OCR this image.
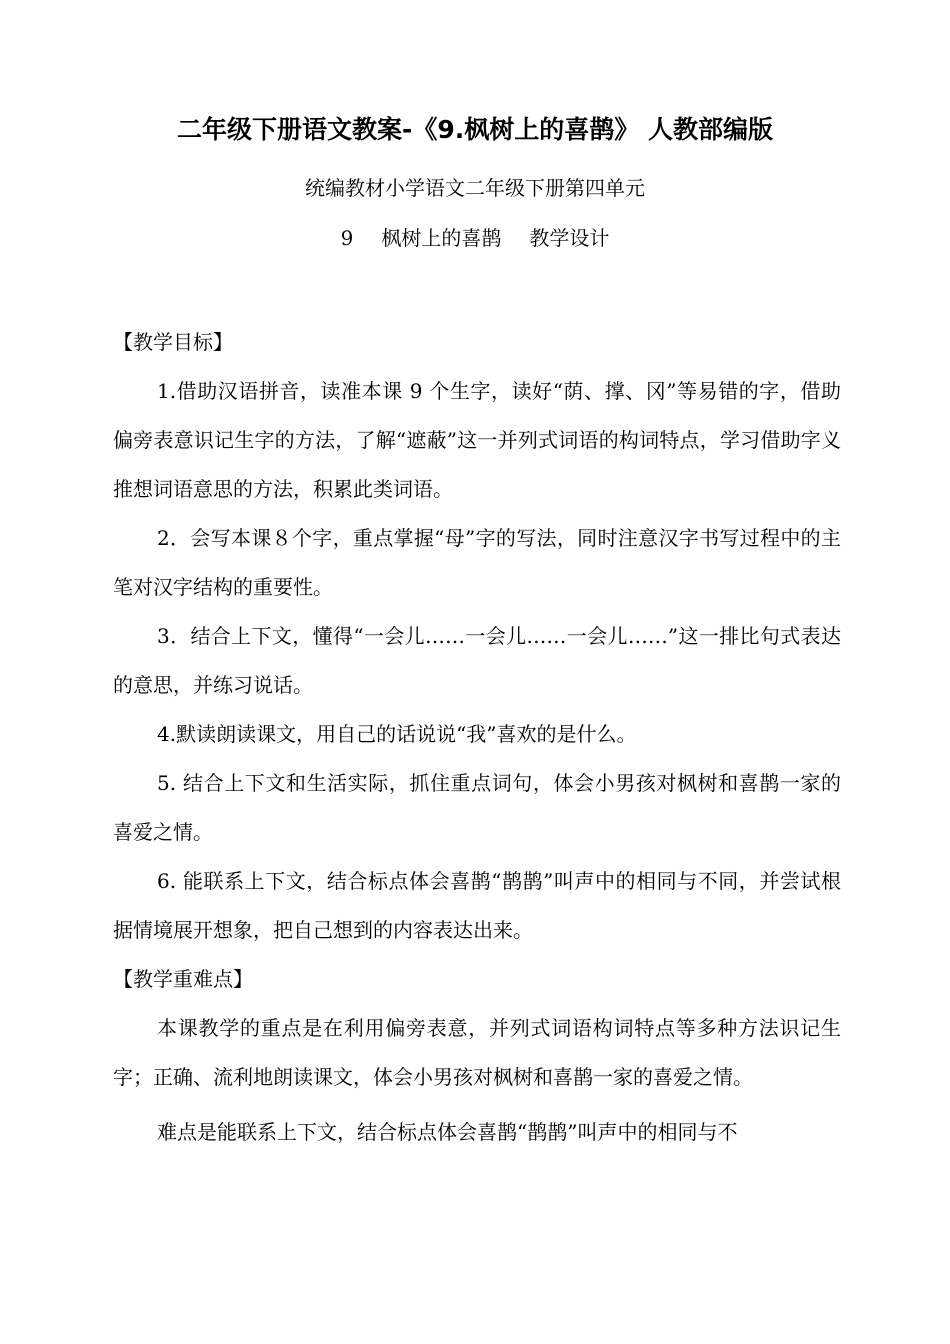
二年级下册语文教案-《9.枫树上的喜鹊》 人教部编版
统编教材小学语文二年级下册第四单元
9 枫树上的喜鹊 教学设计

【教学目标】

1.借助汉语拼音，读准本课 9 个生字，读好“荫、撑、冈”等易错的字，借助偏旁表意识记生字的方法，了解“遮蔽”这一并列式词语的构词特点，学习借助字义推想词语意思的方法，积累此类词语。

2．会写本课８个字，重点掌握“母”字的写法，同时注意汉字书写过程中的主笔对汉字结构的重要性。

3．结合上下文，懂得“一会儿……一会儿……一会儿……”这一排比句式表达的意思，并练习说话。

4.默读朗读课文，用自己的话说说“我”喜欢的是什么。

5. 结合上下文和生活实际，抓住重点词句，体会小男孩对枫树和喜鹊一家的喜爱之情。

6. 能联系上下文，结合标点体会喜鹊“鹊鹊”叫声中的相同与不同，并尝试根据情境展开想象，把自己想到的内容表达出来。

【教学重难点】

本课教学的重点是在利用偏旁表意，并列式词语构词特点等多种方法识记生字；正确、流利地朗读课文，体会小男孩对枫树和喜鹊一家的喜爱之情。

难点是能联系上下文，结合标点体会喜鹊“鹊鹊”叫声中的相同与不
